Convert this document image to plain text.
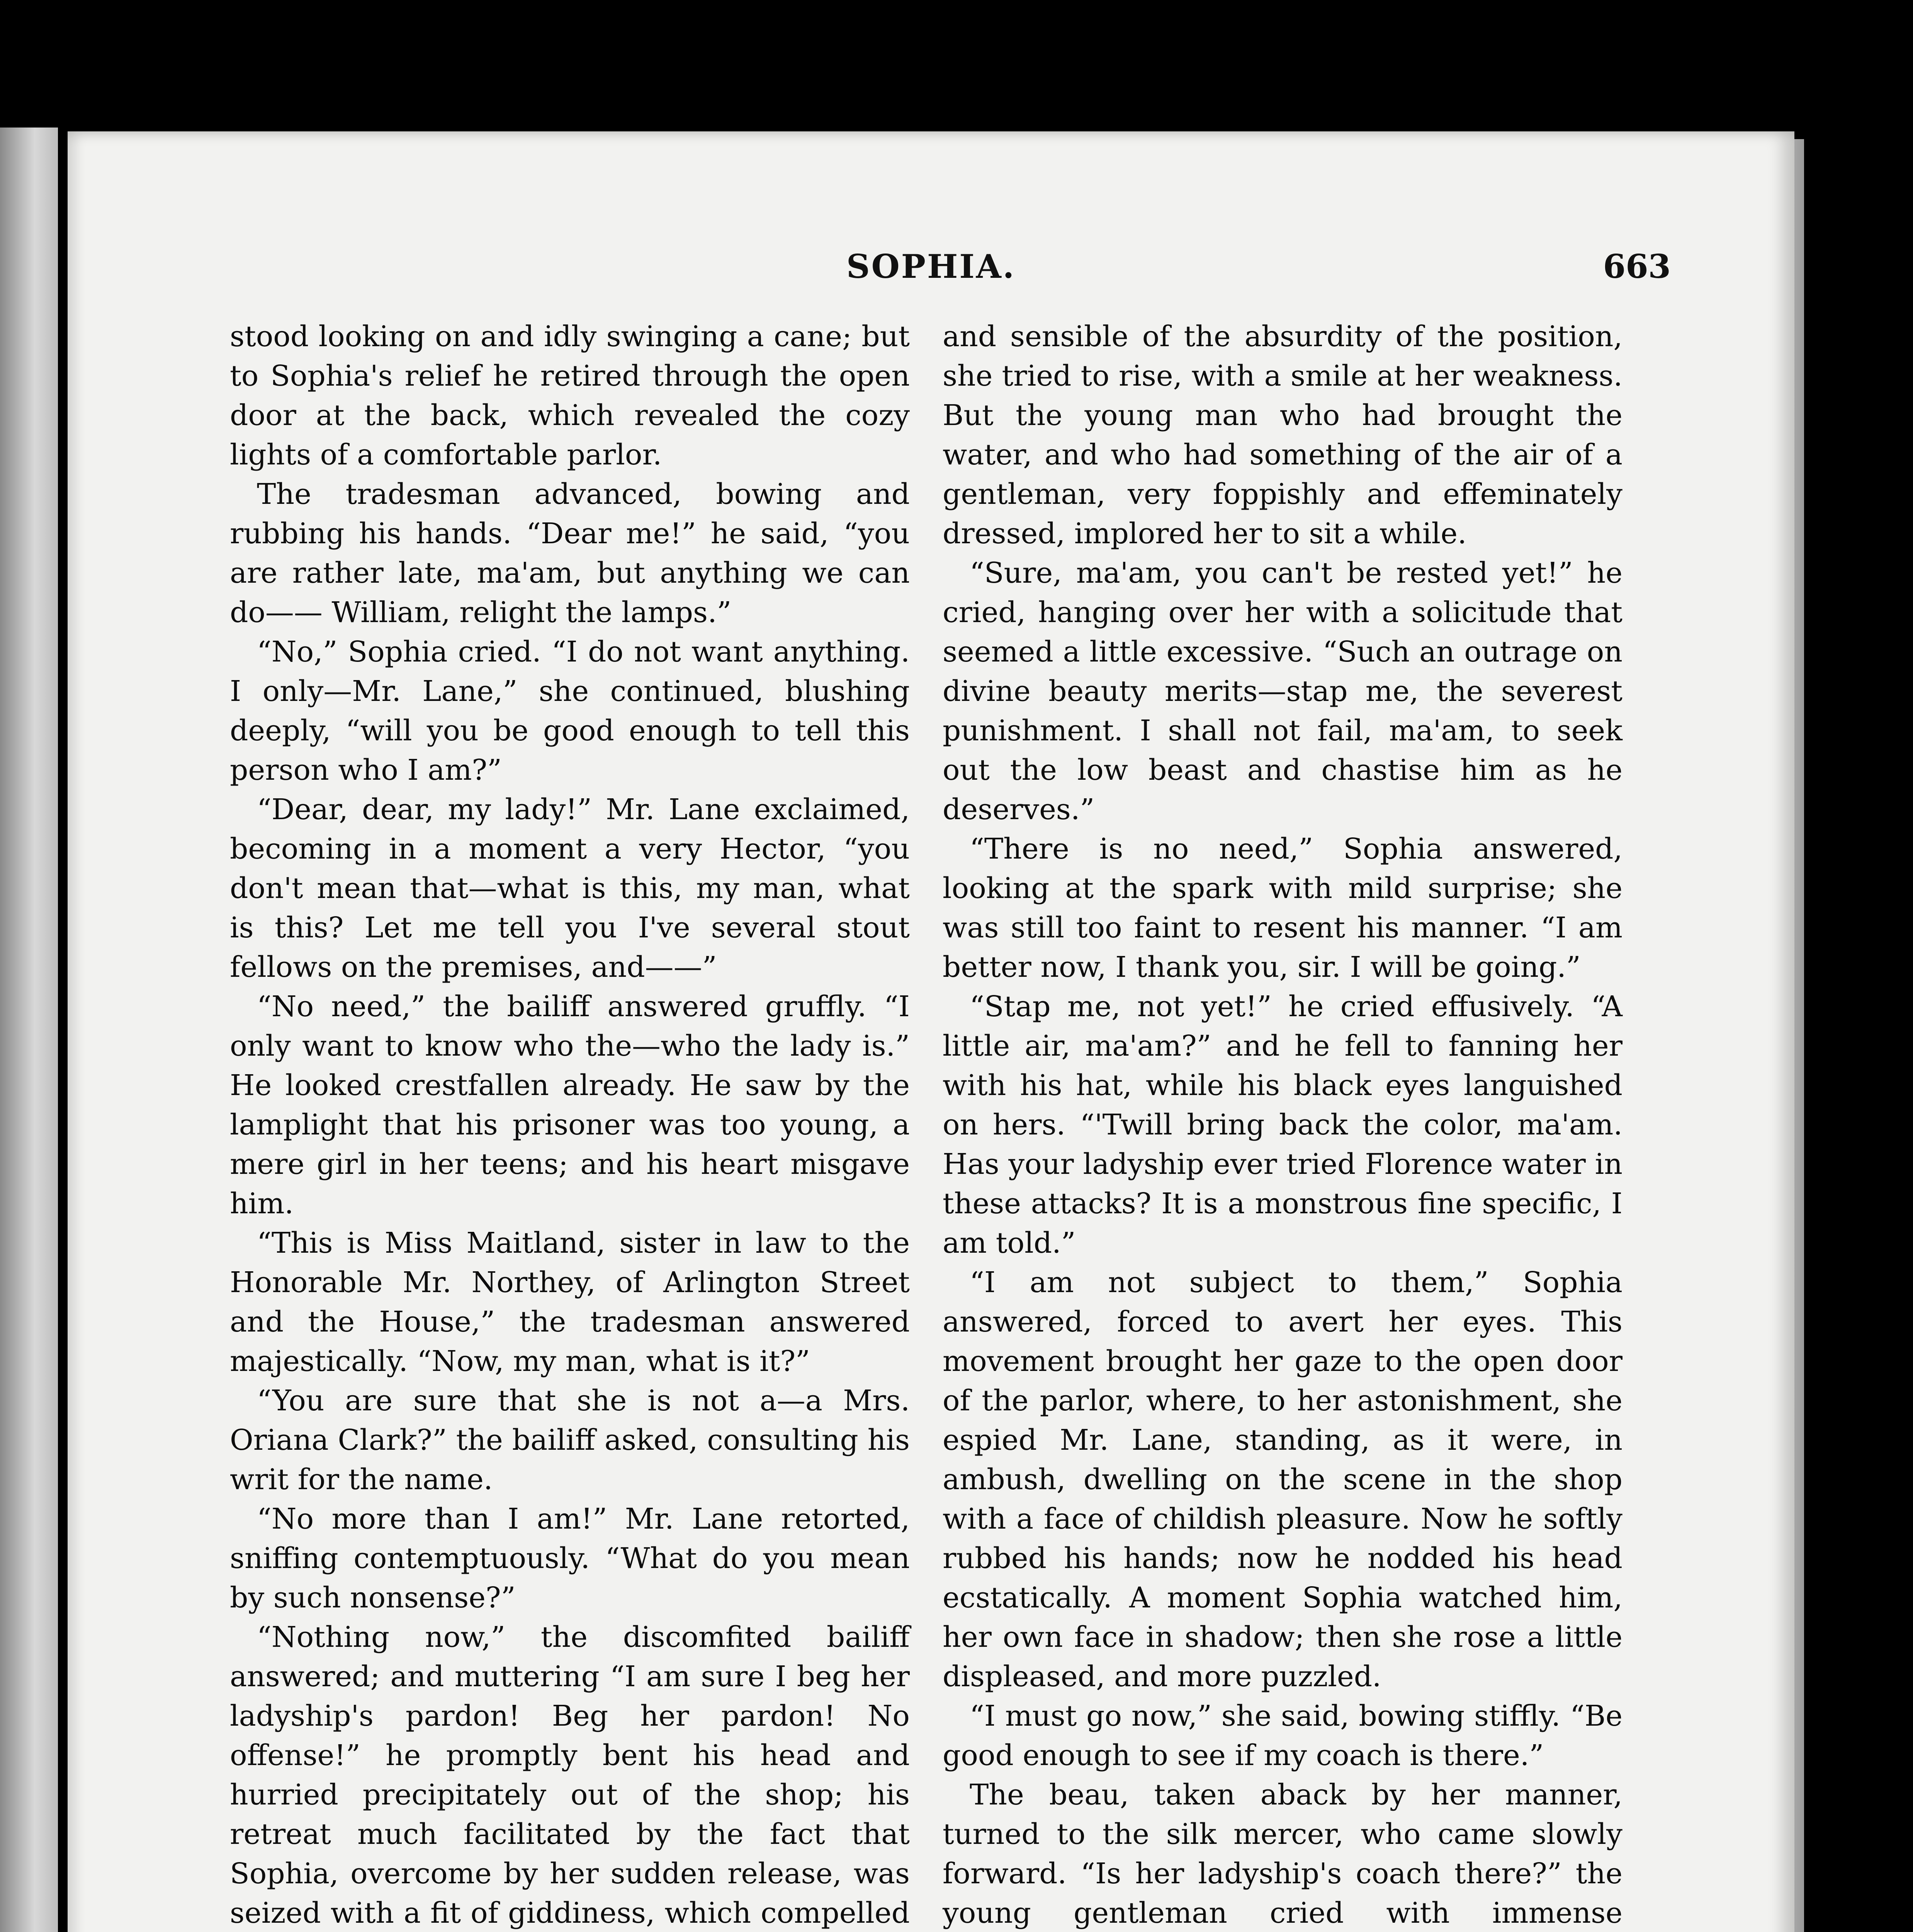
SOPHIA.	663

stood looking on and idly swinging a cane; but to Sophia's relief he retired through the open door at the back, which revealed the cozy lights of a comfortable parlor.

The tradesman advanced, bowing and rubbing his hands. “Dear me!” he said, “you are rather late, ma'am, but anything we can do—— William, relight the lamps.”

“No,” Sophia cried. “I do not want anything. I only—Mr. Lane,” she continued, blushing deeply, “will you be good enough to tell this person who I am?”

“Dear, dear, my lady!” Mr. Lane exclaimed, becoming in a moment a very Hector, “you don't mean that—what is this, my man, what is this? Let me tell you I've several stout fellows on the premises, and——”

“No need,” the bailiff answered gruffly. “I only want to know who the—who the lady is.” He looked crestfallen already. He saw by the lamplight that his prisoner was too young, a mere girl in her teens; and his heart misgave him.

“This is Miss Maitland, sister in law to the Honorable Mr. Northey, of Arlington Street and the House,” the tradesman answered majestically. “Now, my man, what is it?”

“You are sure that she is not a—a Mrs. Oriana Clark?” the bailiff asked, consulting his writ for the name.

“No more than I am!” Mr. Lane retorted, sniffing contemptuously. “What do you mean by such nonsense?”

“Nothing now,” the discomfited bailiff answered; and muttering “I am sure I beg her ladyship's pardon! Beg her pardon! No offense!” he promptly bent his head and hurried precipitately out of the shop; his retreat much facilitated by the fact that Sophia, overcome by her sudden release, was seized with a fit of giddiness, which compelled

and sensible of the absurdity of the position, she tried to rise, with a smile at her weakness. But the young man who had brought the water, and who had something of the air of a gentleman, very foppishly and effeminately dressed, implored her to sit a while.

“Sure, ma'am, you can't be rested yet!” he cried, hanging over her with a solicitude that seemed a little excessive. “Such an outrage on divine beauty merits—stap me, the severest punishment. I shall not fail, ma'am, to seek out the low beast and chastise him as he deserves.”

“There is no need,” Sophia answered, looking at the spark with mild surprise; she was still too faint to resent his manner. “I am better now, I thank you, sir. I will be going.”

“Stap me, not yet!” he cried effusively. “A little air, ma'am?” and he fell to fanning her with his hat, while his black eyes languished on hers. “'Twill bring back the color, ma'am. Has your ladyship ever tried Florence water in these attacks? It is a monstrous fine specific, I am told.”

“I am not subject to them,” Sophia answered, forced to avert her eyes. This movement brought her gaze to the open door of the parlor, where, to her astonishment, she espied Mr. Lane, standing, as it were, in ambush, dwelling on the scene in the shop with a face of childish pleasure. Now he softly rubbed his hands; now he nodded his head ecstatically. A moment Sophia watched him, her own face in shadow; then she rose a little displeased, and more puzzled.

“I must go now,” she said, bowing stiffly. “Be good enough to see if my coach is there.”

The beau, taken aback by her manner, turned to the silk mercer, who came slowly forward. “Is her ladyship's coach there?” the young gentleman cried with immense
